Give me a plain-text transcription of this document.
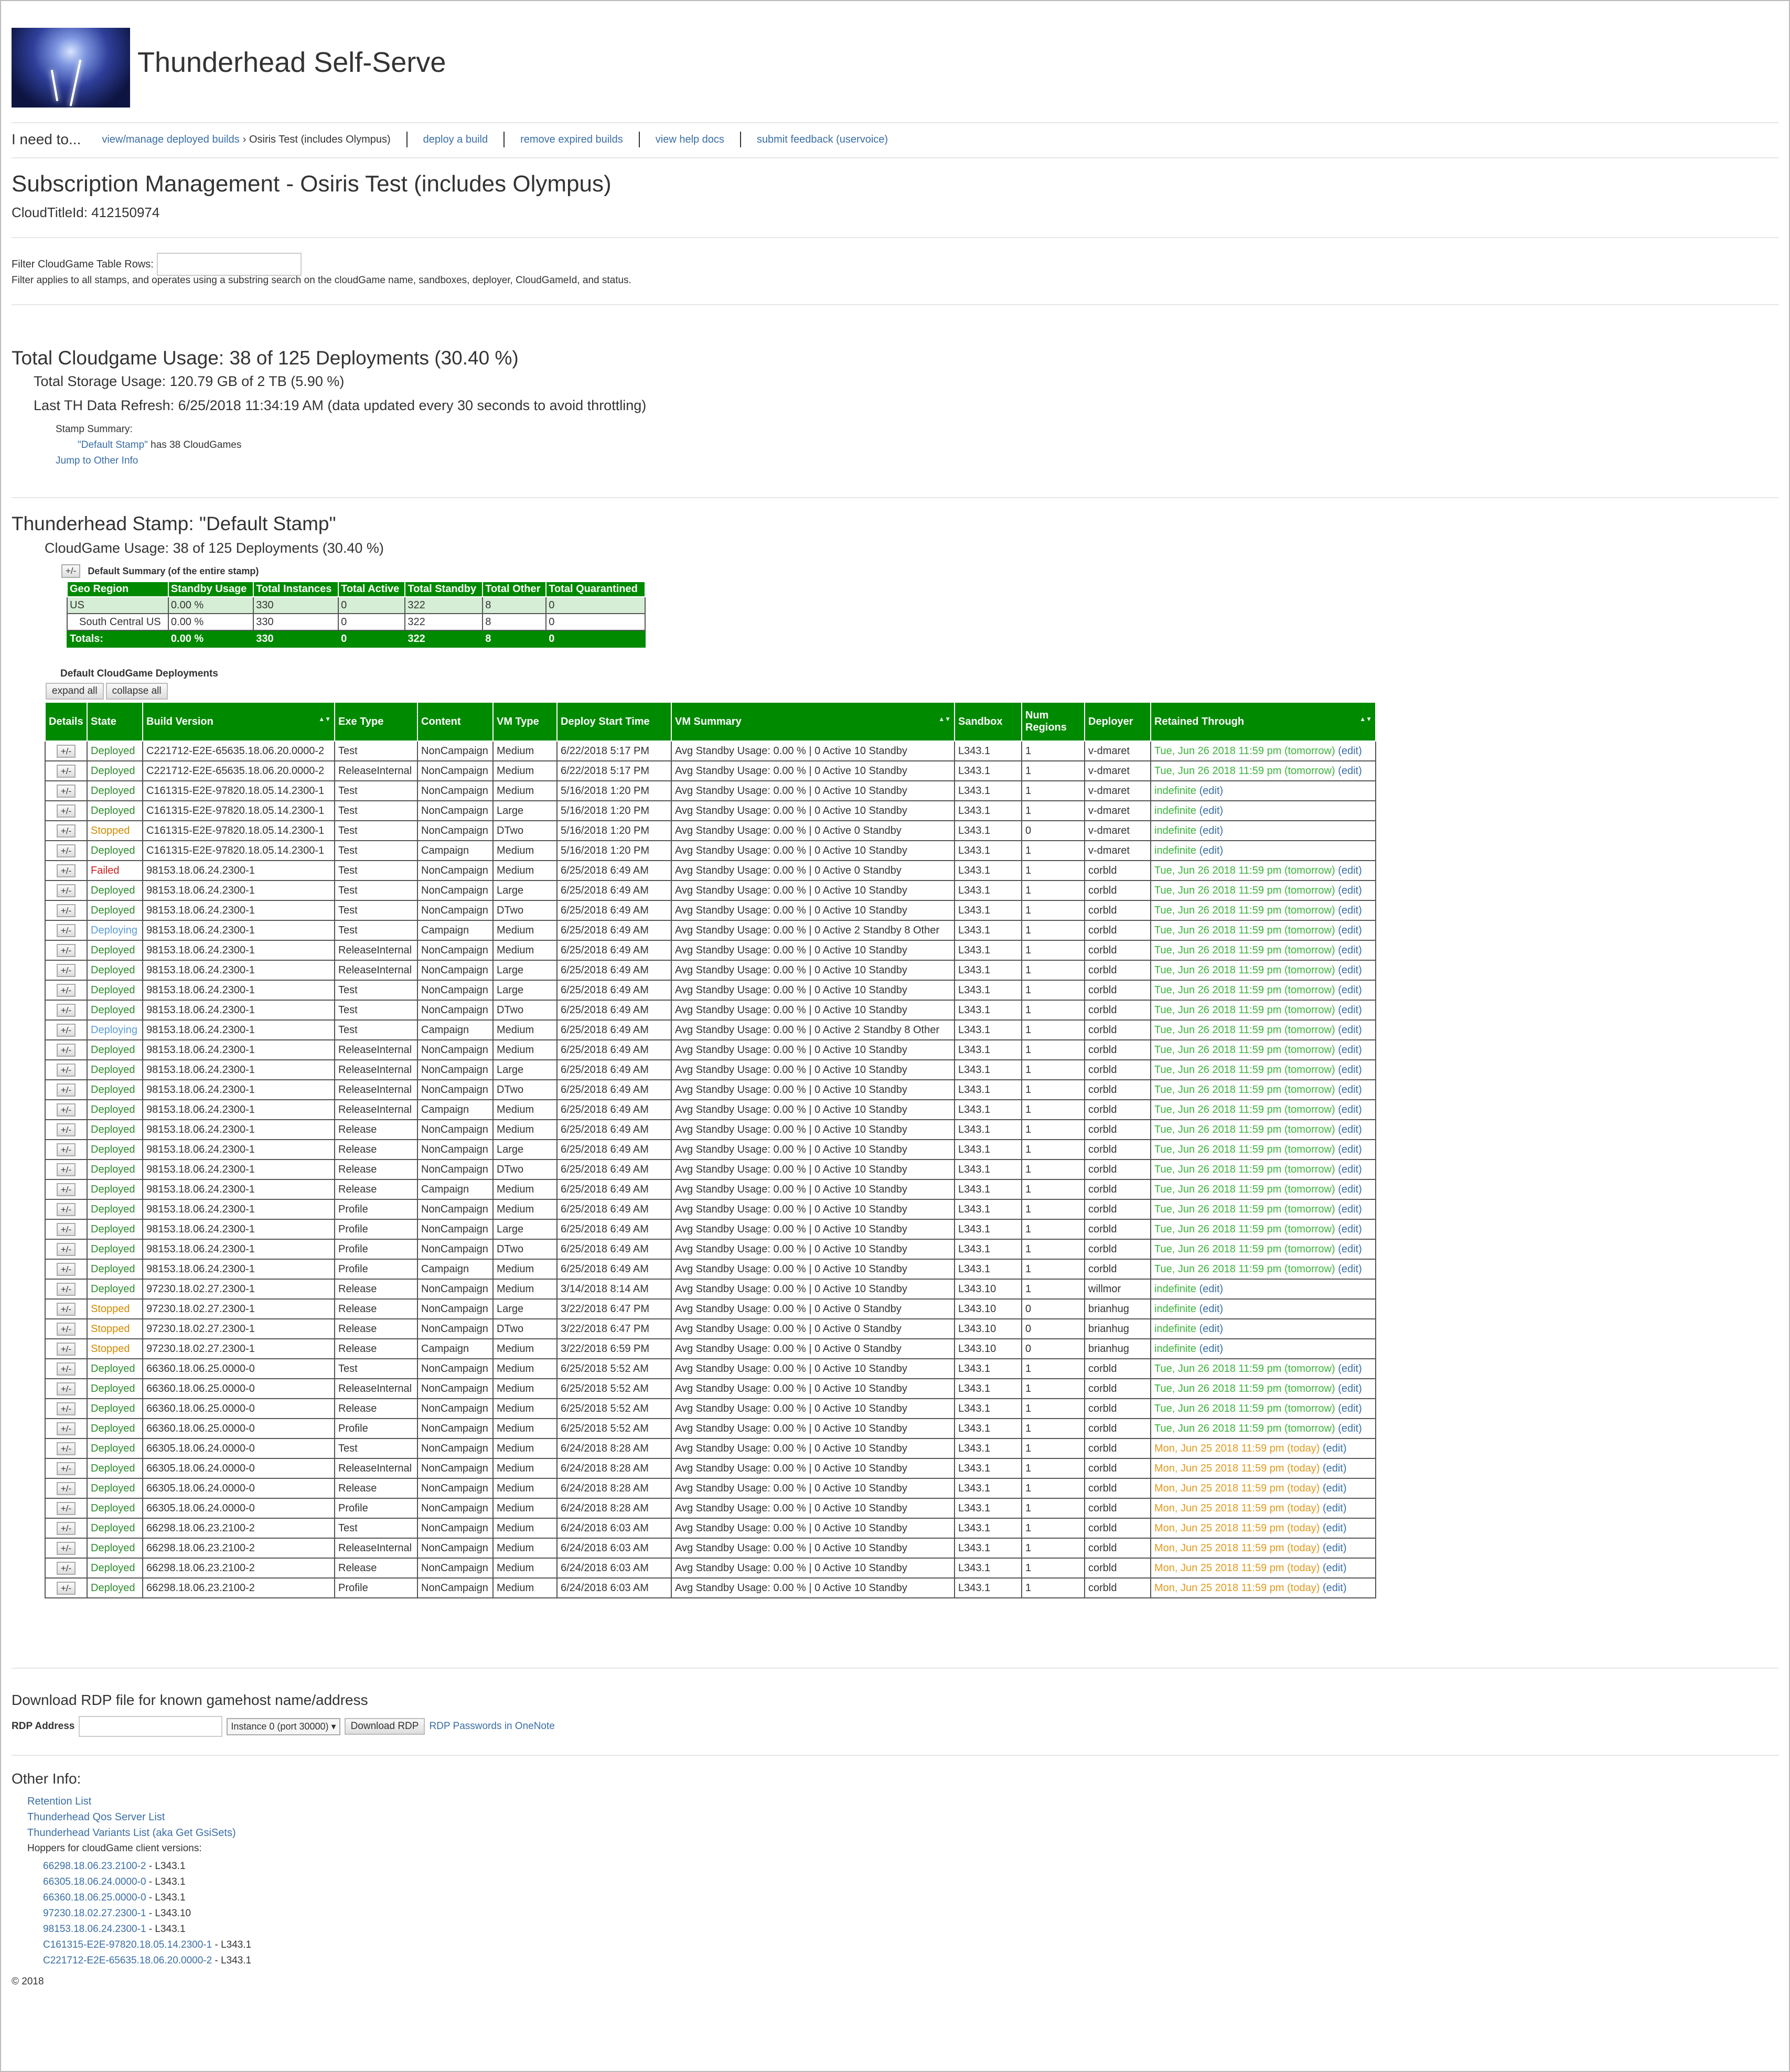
Thunderhead Self-Serve
I need to... view/manage deployed builds › Osiris Test (includes Olympus)	deploy a build	remove expired builds	view help docs	submit feedback (uservoice)
Subscription Management - Osiris Test (includes Olympus)
CloudTitleId: 412150974
Filter CloudGame Table Rows:
Filter applies to all stamps, and operates using a substring search on the cloudGame name, sandboxes, deployer, CloudGameId, and status.
Total Cloudgame Usage: 38 of 125 Deployments (30.40 %)
Total Storage Usage: 120.79 GB of 2 TB (5.90 %)
Last TH Data Refresh: 6/25/2018 11:34:19 AM (data updated every 30 seconds to avoid throttling)
Stamp Summary:
"Default Stamp" has 38 CloudGames
Jump to Other Info
Thunderhead Stamp: "Default Stamp"
CloudGame Usage: 38 of 125 Deployments (30.40 %)
+/-	Default Summary (of the entire stamp)
Geo Region	Standby Usage	Total Instances	Total Active	Total Standby	Total Other	Total Quarantined
US	0.00 %	330	0	322	8	0
South Central US	0.00 %	330	0	322	8	0
Totals:	0.00 %	330	0	322	8	0
Default CloudGame Deployments
expand all	collapse all
Details	State	Build Version ▲▼	Exe Type	Content	VM Type	Deploy Start Time	VM Summary ▲▼	Sandbox	Num Regions	Deployer	Retained Through ▲▼

+/-	Deployed	C221712-E2E-65635.18.06.20.0000-2	Test	NonCampaign	Medium	6/22/2018 5:17 PM	Avg Standby Usage: 0.00 % | 0 Active 10 Standby	L343.1	1	v-dmaret	Tue, Jun 26 2018 11:59 pm (tomorrow) (edit)
+/-	Deployed	C221712-E2E-65635.18.06.20.0000-2	ReleaseInternal	NonCampaign	Medium	6/22/2018 5:17 PM	Avg Standby Usage: 0.00 % | 0 Active 10 Standby	L343.1	1	v-dmaret	Tue, Jun 26 2018 11:59 pm (tomorrow) (edit)
+/-	Deployed	C161315-E2E-97820.18.05.14.2300-1	Test	NonCampaign	Medium	5/16/2018 1:20 PM	Avg Standby Usage: 0.00 % | 0 Active 10 Standby	L343.1	1	v-dmaret	indefinite (edit)
+/-	Deployed	C161315-E2E-97820.18.05.14.2300-1	Test	NonCampaign	Large	5/16/2018 1:20 PM	Avg Standby Usage: 0.00 % | 0 Active 10 Standby	L343.1	1	v-dmaret	indefinite (edit)
+/-	Stopped	C161315-E2E-97820.18.05.14.2300-1	Test	NonCampaign	DTwo	5/16/2018 1:20 PM	Avg Standby Usage: 0.00 % | 0 Active 0 Standby	L343.1	0	v-dmaret	indefinite (edit)
+/-	Deployed	C161315-E2E-97820.18.05.14.2300-1	Test	Campaign	Medium	5/16/2018 1:20 PM	Avg Standby Usage: 0.00 % | 0 Active 10 Standby	L343.1	1	v-dmaret	indefinite (edit)
+/-	Failed	98153.18.06.24.2300-1	Test	NonCampaign	Medium	6/25/2018 6:49 AM	Avg Standby Usage: 0.00 % | 0 Active 0 Standby	L343.1	1	corbld	Tue, Jun 26 2018 11:59 pm (tomorrow) (edit)
+/-	Deployed	98153.18.06.24.2300-1	Test	NonCampaign	Large	6/25/2018 6:49 AM	Avg Standby Usage: 0.00 % | 0 Active 10 Standby	L343.1	1	corbld	Tue, Jun 26 2018 11:59 pm (tomorrow) (edit)
+/-	Deployed	98153.18.06.24.2300-1	Test	NonCampaign	DTwo	6/25/2018 6:49 AM	Avg Standby Usage: 0.00 % | 0 Active 10 Standby	L343.1	1	corbld	Tue, Jun 26 2018 11:59 pm (tomorrow) (edit)
+/-	Deploying	98153.18.06.24.2300-1	Test	Campaign	Medium	6/25/2018 6:49 AM	Avg Standby Usage: 0.00 % | 0 Active 2 Standby 8 Other	L343.1	1	corbld	Tue, Jun 26 2018 11:59 pm (tomorrow) (edit)
+/-	Deployed	98153.18.06.24.2300-1	ReleaseInternal	NonCampaign	Medium	6/25/2018 6:49 AM	Avg Standby Usage: 0.00 % | 0 Active 10 Standby	L343.1	1	corbld	Tue, Jun 26 2018 11:59 pm (tomorrow) (edit)
+/-	Deployed	98153.18.06.24.2300-1	ReleaseInternal	NonCampaign	Large	6/25/2018 6:49 AM	Avg Standby Usage: 0.00 % | 0 Active 10 Standby	L343.1	1	corbld	Tue, Jun 26 2018 11:59 pm (tomorrow) (edit)
+/-	Deployed	98153.18.06.24.2300-1	Test	NonCampaign	Large	6/25/2018 6:49 AM	Avg Standby Usage: 0.00 % | 0 Active 10 Standby	L343.1	1	corbld	Tue, Jun 26 2018 11:59 pm (tomorrow) (edit)
+/-	Deployed	98153.18.06.24.2300-1	Test	NonCampaign	DTwo	6/25/2018 6:49 AM	Avg Standby Usage: 0.00 % | 0 Active 10 Standby	L343.1	1	corbld	Tue, Jun 26 2018 11:59 pm (tomorrow) (edit)
+/-	Deploying	98153.18.06.24.2300-1	Test	Campaign	Medium	6/25/2018 6:49 AM	Avg Standby Usage: 0.00 % | 0 Active 2 Standby 8 Other	L343.1	1	corbld	Tue, Jun 26 2018 11:59 pm (tomorrow) (edit)
+/-	Deployed	98153.18.06.24.2300-1	ReleaseInternal	NonCampaign	Medium	6/25/2018 6:49 AM	Avg Standby Usage: 0.00 % | 0 Active 10 Standby	L343.1	1	corbld	Tue, Jun 26 2018 11:59 pm (tomorrow) (edit)
+/-	Deployed	98153.18.06.24.2300-1	ReleaseInternal	NonCampaign	Large	6/25/2018 6:49 AM	Avg Standby Usage: 0.00 % | 0 Active 10 Standby	L343.1	1	corbld	Tue, Jun 26 2018 11:59 pm (tomorrow) (edit)
+/-	Deployed	98153.18.06.24.2300-1	ReleaseInternal	NonCampaign	DTwo	6/25/2018 6:49 AM	Avg Standby Usage: 0.00 % | 0 Active 10 Standby	L343.1	1	corbld	Tue, Jun 26 2018 11:59 pm (tomorrow) (edit)
+/-	Deployed	98153.18.06.24.2300-1	ReleaseInternal	Campaign	Medium	6/25/2018 6:49 AM	Avg Standby Usage: 0.00 % | 0 Active 10 Standby	L343.1	1	corbld	Tue, Jun 26 2018 11:59 pm (tomorrow) (edit)
+/-	Deployed	98153.18.06.24.2300-1	Release	NonCampaign	Medium	6/25/2018 6:49 AM	Avg Standby Usage: 0.00 % | 0 Active 10 Standby	L343.1	1	corbld	Tue, Jun 26 2018 11:59 pm (tomorrow) (edit)
+/-	Deployed	98153.18.06.24.2300-1	Release	NonCampaign	Large	6/25/2018 6:49 AM	Avg Standby Usage: 0.00 % | 0 Active 10 Standby	L343.1	1	corbld	Tue, Jun 26 2018 11:59 pm (tomorrow) (edit)
+/-	Deployed	98153.18.06.24.2300-1	Release	NonCampaign	DTwo	6/25/2018 6:49 AM	Avg Standby Usage: 0.00 % | 0 Active 10 Standby	L343.1	1	corbld	Tue, Jun 26 2018 11:59 pm (tomorrow) (edit)
+/-	Deployed	98153.18.06.24.2300-1	Release	Campaign	Medium	6/25/2018 6:49 AM	Avg Standby Usage: 0.00 % | 0 Active 10 Standby	L343.1	1	corbld	Tue, Jun 26 2018 11:59 pm (tomorrow) (edit)
+/-	Deployed	98153.18.06.24.2300-1	Profile	NonCampaign	Medium	6/25/2018 6:49 AM	Avg Standby Usage: 0.00 % | 0 Active 10 Standby	L343.1	1	corbld	Tue, Jun 26 2018 11:59 pm (tomorrow) (edit)
+/-	Deployed	98153.18.06.24.2300-1	Profile	NonCampaign	Large	6/25/2018 6:49 AM	Avg Standby Usage: 0.00 % | 0 Active 10 Standby	L343.1	1	corbld	Tue, Jun 26 2018 11:59 pm (tomorrow) (edit)
+/-	Deployed	98153.18.06.24.2300-1	Profile	NonCampaign	DTwo	6/25/2018 6:49 AM	Avg Standby Usage: 0.00 % | 0 Active 10 Standby	L343.1	1	corbld	Tue, Jun 26 2018 11:59 pm (tomorrow) (edit)
+/-	Deployed	98153.18.06.24.2300-1	Profile	Campaign	Medium	6/25/2018 6:49 AM	Avg Standby Usage: 0.00 % | 0 Active 10 Standby	L343.1	1	corbld	Tue, Jun 26 2018 11:59 pm (tomorrow) (edit)
+/-	Deployed	97230.18.02.27.2300-1	Release	NonCampaign	Medium	3/14/2018 8:14 AM	Avg Standby Usage: 0.00 % | 0 Active 10 Standby	L343.10	1	willmor	indefinite (edit)
+/-	Stopped	97230.18.02.27.2300-1	Release	NonCampaign	Large	3/22/2018 6:47 PM	Avg Standby Usage: 0.00 % | 0 Active 0 Standby	L343.10	0	brianhug	indefinite (edit)
+/-	Stopped	97230.18.02.27.2300-1	Release	NonCampaign	DTwo	3/22/2018 6:47 PM	Avg Standby Usage: 0.00 % | 0 Active 0 Standby	L343.10	0	brianhug	indefinite (edit)
+/-	Stopped	97230.18.02.27.2300-1	Release	Campaign	Medium	3/22/2018 6:59 PM	Avg Standby Usage: 0.00 % | 0 Active 0 Standby	L343.10	0	brianhug	indefinite (edit)
+/-	Deployed	66360.18.06.25.0000-0	Test	NonCampaign	Medium	6/25/2018 5:52 AM	Avg Standby Usage: 0.00 % | 0 Active 10 Standby	L343.1	1	corbld	Tue, Jun 26 2018 11:59 pm (tomorrow) (edit)
+/-	Deployed	66360.18.06.25.0000-0	ReleaseInternal	NonCampaign	Medium	6/25/2018 5:52 AM	Avg Standby Usage: 0.00 % | 0 Active 10 Standby	L343.1	1	corbld	Tue, Jun 26 2018 11:59 pm (tomorrow) (edit)
+/-	Deployed	66360.18.06.25.0000-0	Release	NonCampaign	Medium	6/25/2018 5:52 AM	Avg Standby Usage: 0.00 % | 0 Active 10 Standby	L343.1	1	corbld	Tue, Jun 26 2018 11:59 pm (tomorrow) (edit)
+/-	Deployed	66360.18.06.25.0000-0	Profile	NonCampaign	Medium	6/25/2018 5:52 AM	Avg Standby Usage: 0.00 % | 0 Active 10 Standby	L343.1	1	corbld	Tue, Jun 26 2018 11:59 pm (tomorrow) (edit)
+/-	Deployed	66305.18.06.24.0000-0	Test	NonCampaign	Medium	6/24/2018 8:28 AM	Avg Standby Usage: 0.00 % | 0 Active 10 Standby	L343.1	1	corbld	Mon, Jun 25 2018 11:59 pm (today) (edit)
+/-	Deployed	66305.18.06.24.0000-0	ReleaseInternal	NonCampaign	Medium	6/24/2018 8:28 AM	Avg Standby Usage: 0.00 % | 0 Active 10 Standby	L343.1	1	corbld	Mon, Jun 25 2018 11:59 pm (today) (edit)
+/-	Deployed	66305.18.06.24.0000-0	Release	NonCampaign	Medium	6/24/2018 8:28 AM	Avg Standby Usage: 0.00 % | 0 Active 10 Standby	L343.1	1	corbld	Mon, Jun 25 2018 11:59 pm (today) (edit)
+/-	Deployed	66305.18.06.24.0000-0	Profile	NonCampaign	Medium	6/24/2018 8:28 AM	Avg Standby Usage: 0.00 % | 0 Active 10 Standby	L343.1	1	corbld	Mon, Jun 25 2018 11:59 pm (today) (edit)
+/-	Deployed	66298.18.06.23.2100-2	Test	NonCampaign	Medium	6/24/2018 6:03 AM	Avg Standby Usage: 0.00 % | 0 Active 10 Standby	L343.1	1	corbld	Mon, Jun 25 2018 11:59 pm (today) (edit)
+/-	Deployed	66298.18.06.23.2100-2	ReleaseInternal	NonCampaign	Medium	6/24/2018 6:03 AM	Avg Standby Usage: 0.00 % | 0 Active 10 Standby	L343.1	1	corbld	Mon, Jun 25 2018 11:59 pm (today) (edit)
+/-	Deployed	66298.18.06.23.2100-2	Release	NonCampaign	Medium	6/24/2018 6:03 AM	Avg Standby Usage: 0.00 % | 0 Active 10 Standby	L343.1	1	corbld	Mon, Jun 25 2018 11:59 pm (today) (edit)
+/-	Deployed	66298.18.06.23.2100-2	Profile	NonCampaign	Medium	6/24/2018 6:03 AM	Avg Standby Usage: 0.00 % | 0 Active 10 Standby	L343.1	1	corbld	Mon, Jun 25 2018 11:59 pm (today) (edit)
Download RDP file for known gamehost name/address
RDP Address	Instance 0 (port 30000) ▾	Download RDP	RDP Passwords in OneNote
Other Info:
Retention List
Thunderhead Qos Server List
Thunderhead Variants List (aka Get GsiSets)
Hoppers for cloudGame client versions:
66298.18.06.23.2100-2 - L343.1
66305.18.06.24.0000-0 - L343.1
66360.18.06.25.0000-0 - L343.1
97230.18.02.27.2300-1 - L343.10
98153.18.06.24.2300-1 - L343.1
C161315-E2E-97820.18.05.14.2300-1 - L343.1
C221712-E2E-65635.18.06.20.0000-2 - L343.1
© 2018
